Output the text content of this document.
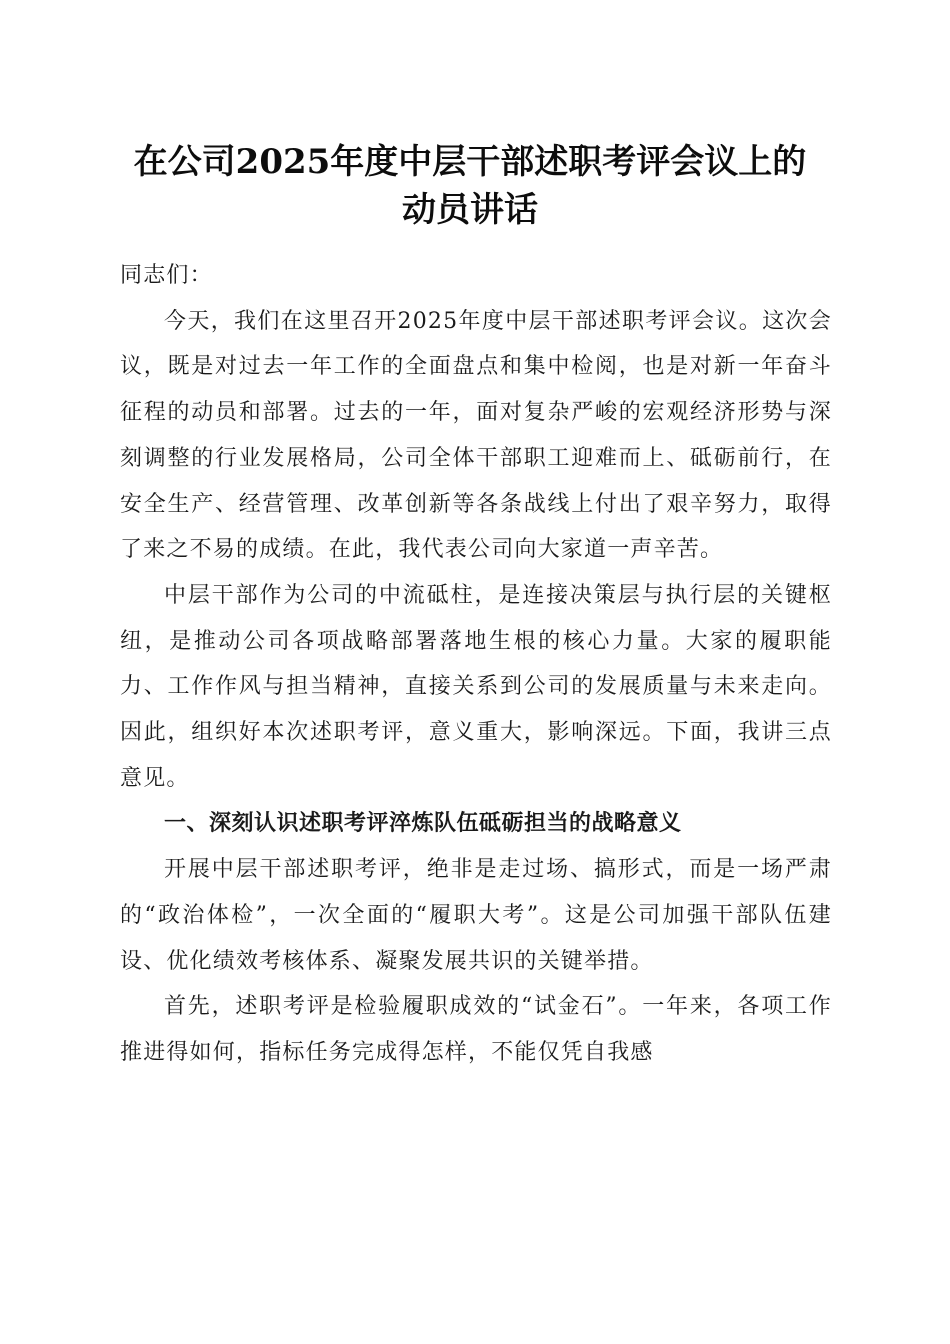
在公司2025年度中层干部述职考评会议上的
动员讲话

同志们：

今天，我们在这里召开2025年度中层干部述职考评会议。这次会议，既是对过去一年工作的全面盘点和集中检阅，也是对新一年奋斗征程的动员和部署。过去的一年，面对复杂严峻的宏观经济形势与深刻调整的行业发展格局，公司全体干部职工迎难而上、砥砺前行，在安全生产、经营管理、改革创新等各条战线上付出了艰辛努力，取得了来之不易的成绩。在此，我代表公司向大家道一声辛苦。

中层干部作为公司的中流砥柱，是连接决策层与执行层的关键枢纽，是推动公司各项战略部署落地生根的核心力量。大家的履职能力、工作作风与担当精神，直接关系到公司的发展质量与未来走向。因此，组织好本次述职考评，意义重大，影响深远。下面，我讲三点意见。

一、深刻认识述职考评淬炼队伍砥砺担当的战略意义

开展中层干部述职考评，绝非是走过场、搞形式，而是一场严肃的“政治体检”，一次全面的“履职大考”。这是公司加强干部队伍建设、优化绩效考核体系、凝聚发展共识的关键举措。

首先，述职考评是检验履职成效的“试金石”。一年来，各项工作推进得如何，指标任务完成得怎样，不能仅凭自我感
